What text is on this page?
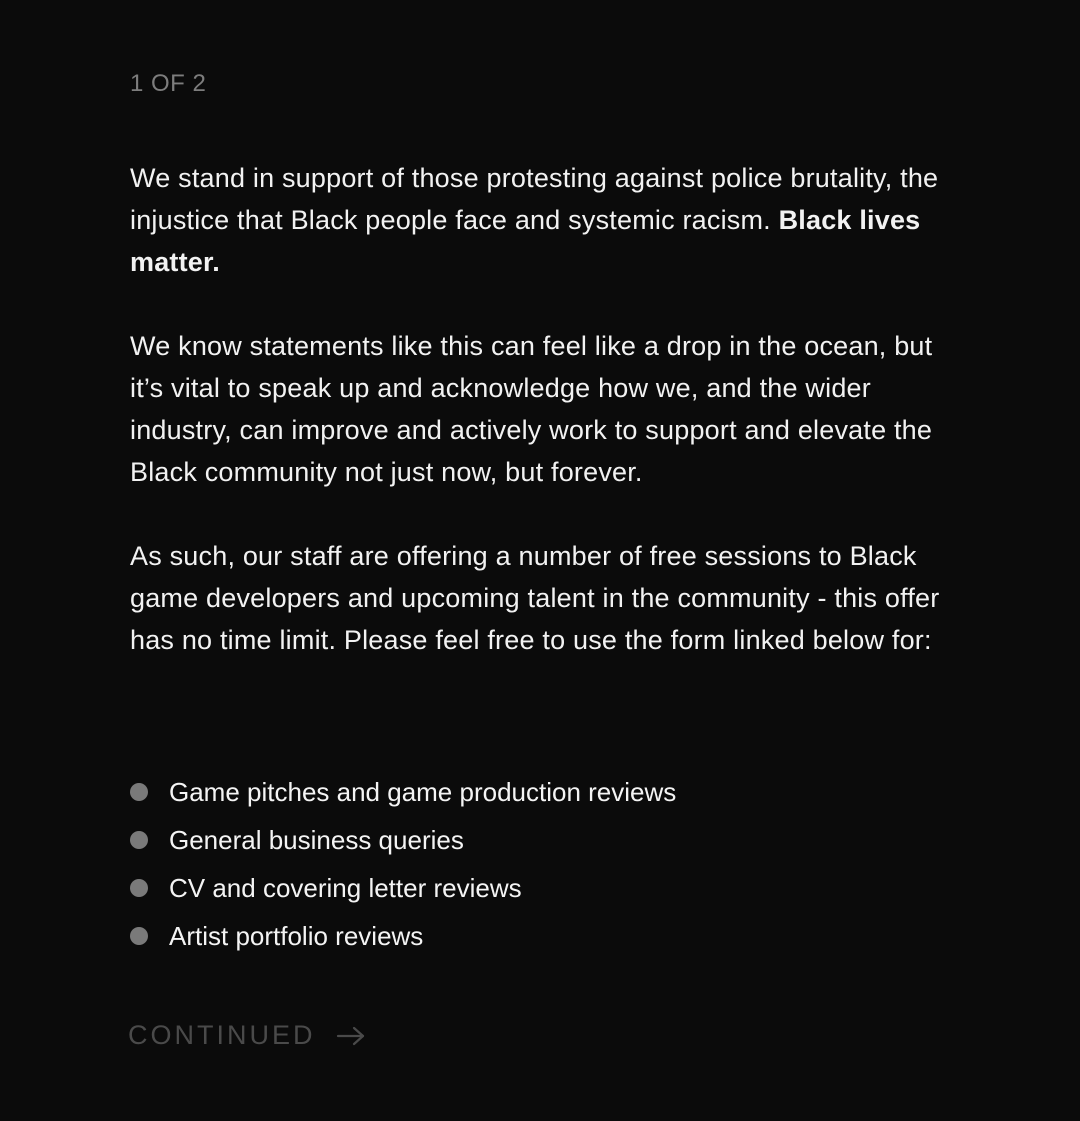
1 OF 2

We stand in support of those protesting against police brutality, the injustice that Black people face and systemic racism. Black lives matter.

We know statements like this can feel like a drop in the ocean, but it’s vital to speak up and acknowledge how we, and the wider industry, can improve and actively work to support and elevate the Black community not just now, but forever.

As such, our staff are offering a number of free sessions to Black game developers and upcoming talent in the community - this offer has no time limit. Please feel free to use the form linked below for:

Game pitches and game production reviews
General business queries
CV and covering letter reviews
Artist portfolio reviews
CONTINUED
